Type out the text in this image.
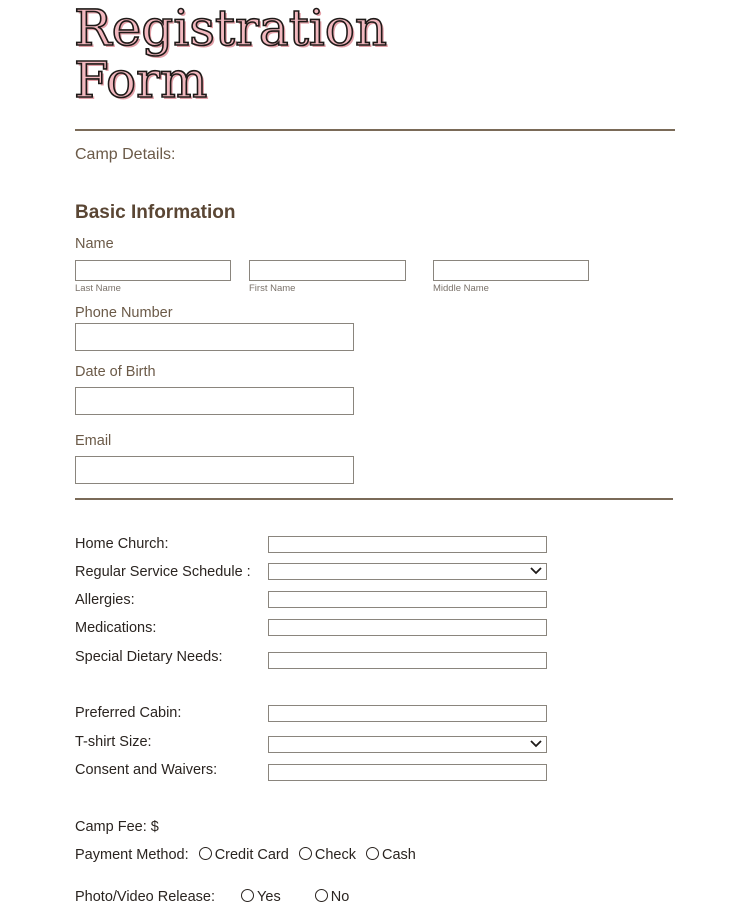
Registration
Form
Camp Details:
Basic Information
Name
Last Name	First Name	Middle Name
Phone Number
Date of Birth
Email
Home Church:
Regular Service Schedule :
Allergies:
Medications:
Special Dietary Needs:
Preferred Cabin:
T-shirt Size:
Consent and Waivers:
Camp Fee: $
Payment Method: Credit Card Check Cash
Photo/Video Release:	Yes	No
